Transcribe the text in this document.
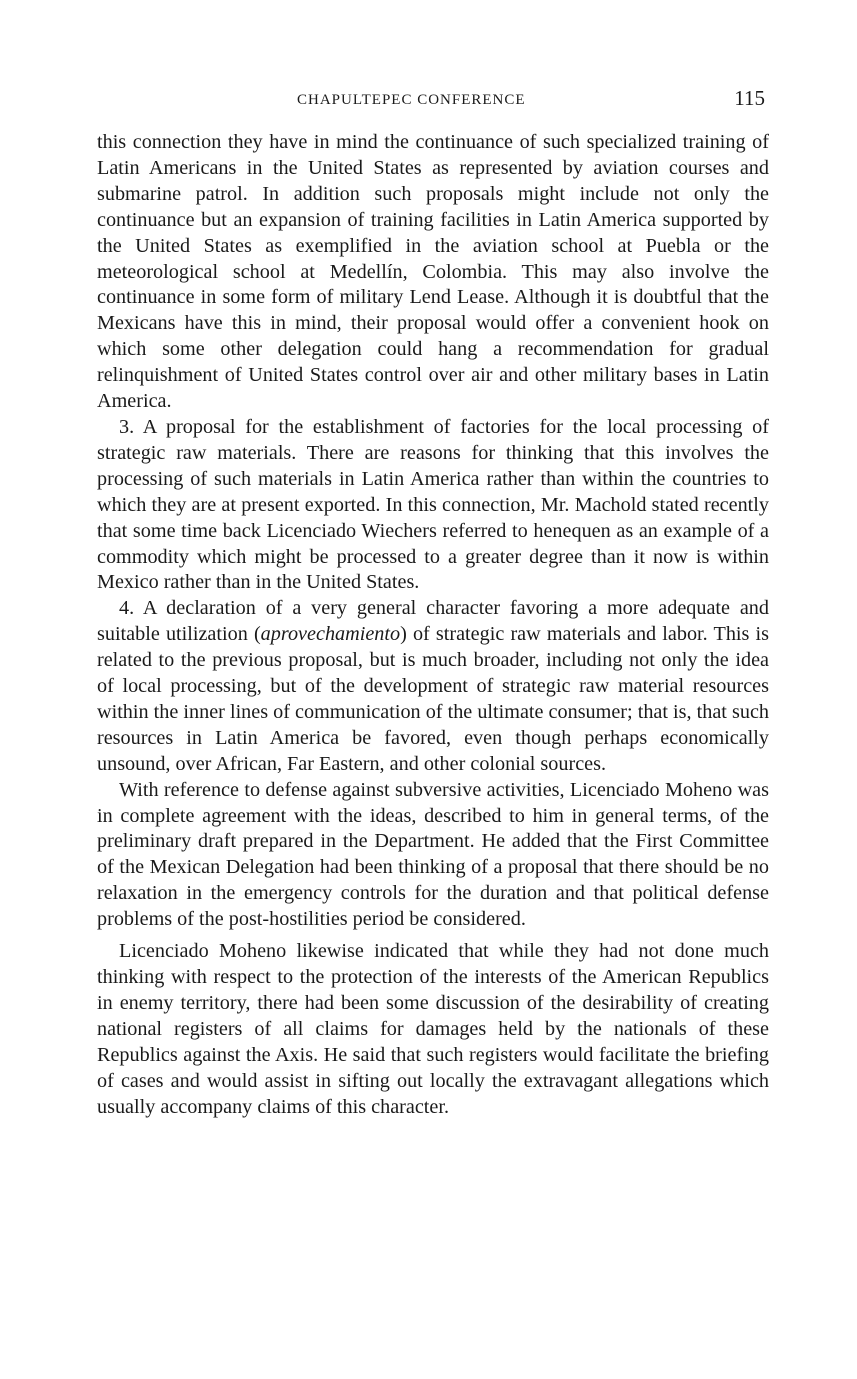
CHAPULTEPEC CONFERENCE	115

this connection they have in mind the continuance of such specialized training of Latin Americans in the United States as represented by aviation courses and submarine patrol. In addition such proposals might include not only the continuance but an expansion of training facilities in Latin America supported by the United States as exemplified in the aviation school at Puebla or the meteorological school at Medellín, Colombia. This may also involve the continuance in some form of military Lend Lease. Although it is doubtful that the Mexicans have this in mind, their proposal would offer a convenient hook on which some other delegation could hang a recommendation for gradual relinquishment of United States control over air and other military bases in Latin America.

3. A proposal for the establishment of factories for the local processing of strategic raw materials. There are reasons for thinking that this involves the processing of such materials in Latin America rather than within the countries to which they are at present exported. In this connection, Mr. Machold stated recently that some time back Licenciado Wiechers referred to henequen as an example of a commodity which might be processed to a greater degree than it now is within Mexico rather than in the United States.

4. A declaration of a very general character favoring a more adequate and suitable utilization (aprovechamiento) of strategic raw materials and labor. This is related to the previous proposal, but is much broader, including not only the idea of local processing, but of the development of strategic raw material resources within the inner lines of communication of the ultimate consumer; that is, that such resources in Latin America be favored, even though perhaps economically unsound, over African, Far Eastern, and other colonial sources.

With reference to defense against subversive activities, Licenciado Moheno was in complete agreement with the ideas, described to him in general terms, of the preliminary draft prepared in the Department. He added that the First Committee of the Mexican Delegation had been thinking of a proposal that there should be no relaxation in the emergency controls for the duration and that political defense problems of the post-hostilities period be considered.

Licenciado Moheno likewise indicated that while they had not done much thinking with respect to the protection of the interests of the American Republics in enemy territory, there had been some discussion of the desirability of creating national registers of all claims for damages held by the nationals of these Republics against the Axis. He said that such registers would facilitate the briefing of cases and would assist in sifting out locally the extravagant allegations which usually accompany claims of this character.
